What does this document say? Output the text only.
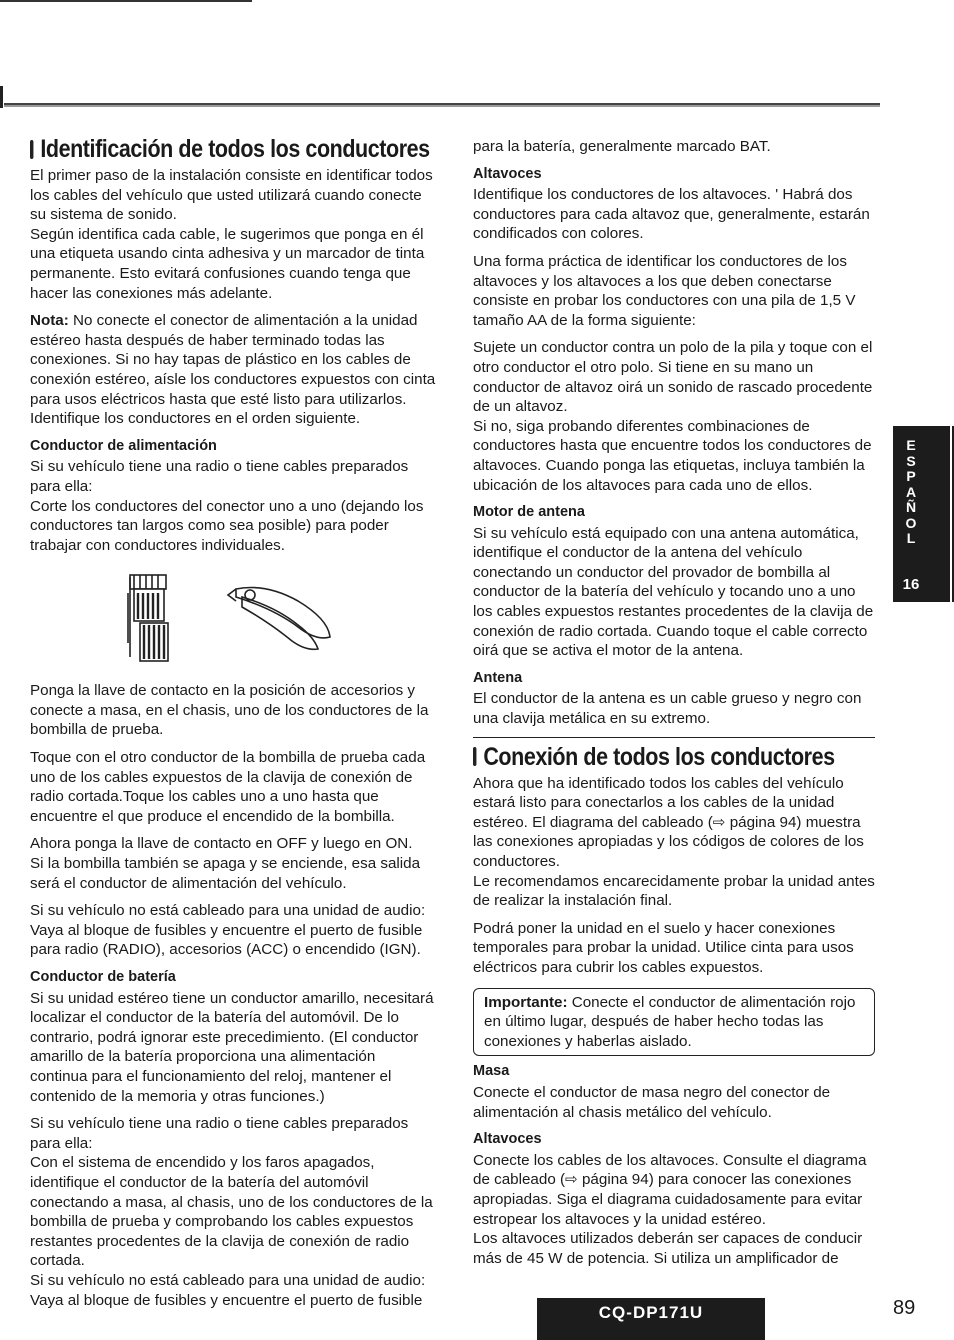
Identificación de todos los conductores

El primer paso de la instalación consiste en identificar todos los cables del vehículo que usted utilizará cuando conecte su sistema de sonido.
Según identifica cada cable, le sugerimos que ponga en él una etiqueta usando cinta adhesiva y un marcador de tinta permanente. Esto evitará confusiones cuando tenga que hacer las conexiones más adelante.

Nota: No conecte el conector de alimentación a la unidad estéreo hasta después de haber terminado todas las conexiones. Si no hay tapas de plástico en los cables de conexión estéreo, aísle los conductores expuestos con cinta para usos eléctricos hasta que esté listo para utilizarlos. Identifique los conductores en el orden siguiente.

Conductor de alimentación

Si su vehículo tiene una radio o tiene cables preparados para ella:
Corte los conductores del conector uno a uno (dejando los conductores tan largos como sea posible) para poder trabajar con conductores individuales.

Ponga la llave de contacto en la posición de accesorios y conecte a masa, en el chasis, uno de los conductores de la bombilla de prueba.

Toque con el otro conductor de la bombilla de prueba cada uno de los cables expuestos de la clavija de conexión de radio cortada.Toque los cables uno a uno hasta que encuentre el que produce el encendido de la bombilla.

Ahora ponga la llave de contacto en OFF y luego en ON.
Si la bombilla también se apaga y se enciende, esa salida será el conductor de alimentación del vehículo.

Si su vehículo no está cableado para una unidad de audio:
Vaya al bloque de fusibles y encuentre el puerto de fusible para radio (RADIO), accesorios (ACC) o encendido (IGN).

Conductor de batería

Si su unidad estéreo tiene un conductor amarillo, necesitará localizar el conductor de la batería del automóvil. De lo contrario, podrá ignorar este precedimiento. (El conductor amarillo de la batería proporciona una alimentación continua para el funcionamiento del reloj, mantener el contenido de la memoria y otras funciones.)

Si su vehículo tiene una radio o tiene cables preparados para ella:
Con el sistema de encendido y los faros apagados, identifique el conductor de la batería del automóvil conectando a masa, al chasis, uno de los conductores de la bombilla de prueba y comprobando los cables expuestos restantes procedentes de la clavija de conexión de radio cortada.
Si su vehículo no está cableado para una unidad de audio:
Vaya al bloque de fusibles y encuentre el puerto de fusible

para la batería, generalmente marcado BAT.

Altavoces

Identifique los conductores de los altavoces. ' Habrá dos conductores para cada altavoz que, generalmente, estarán condificados con colores.

Una forma práctica de identificar los conductores de los altavoces y los altavoces a los que deben conectarse consiste en probar los conductores con una pila de 1,5 V tamaño AA de la forma siguiente:

Sujete un conductor contra un polo de la pila y toque con el otro conductor el otro polo. Si tiene en su mano un conductor de altavoz oirá un sonido de rascado procedente de un altavoz.
Si no, siga probando diferentes combinaciones de conductores hasta que encuentre todos los conductores de altavoces. Cuando ponga las etiquetas, incluya también la ubicación de los altavoces para cada uno de ellos.

Motor de antena

Si su vehículo está equipado con una antena automática, identifique el conductor de la antena del vehículo conectando un conductor del provador de bombilla al conductor de la batería del vehículo y tocando uno a uno los cables expuestos restantes procedentes de la clavija de conexión de radio cortada. Cuando toque el cable correcto oirá que se activa el motor de la antena.

Antena

El conductor de la antena es un cable grueso y negro con una clavija metálica en su extremo.

Conexión de todos los conductores

Ahora que ha identificado todos los cables del vehículo estará listo para conectarlos a los cables de la unidad estéreo. El diagrama del cableado (⇨ página 94) muestra las conexiones apropiadas y los códigos de colores de los conductores.
Le recomendamos encarecidamente probar la unidad antes de realizar la instalación final.

Podrá poner la unidad en el suelo y hacer conexiones temporales para probar la unidad. Utilice cinta para usos eléctricos para cubrir los cables expuestos.

Importante: Conecte el conductor de alimentación rojo en último lugar, después de haber hecho todas las conexiones y haberlas aislado.
Masa

Conecte el conductor de masa negro del conector de alimentación al chasis metálico del vehículo.

Altavoces

Conecte los cables de los altavoces. Consulte el diagrama de cableado (⇨ página 94) para conocer las conexiones apropiadas. Siga el diagrama cuidadosamente para evitar estropear los altavoces y la unidad estéreo.
Los altavoces utilizados deberán ser capaces de conducir más de 45 W de potencia. Si utiliza un amplificador de

E
S
P
A
Ñ
O
L
16
CQ-DP171U	89
